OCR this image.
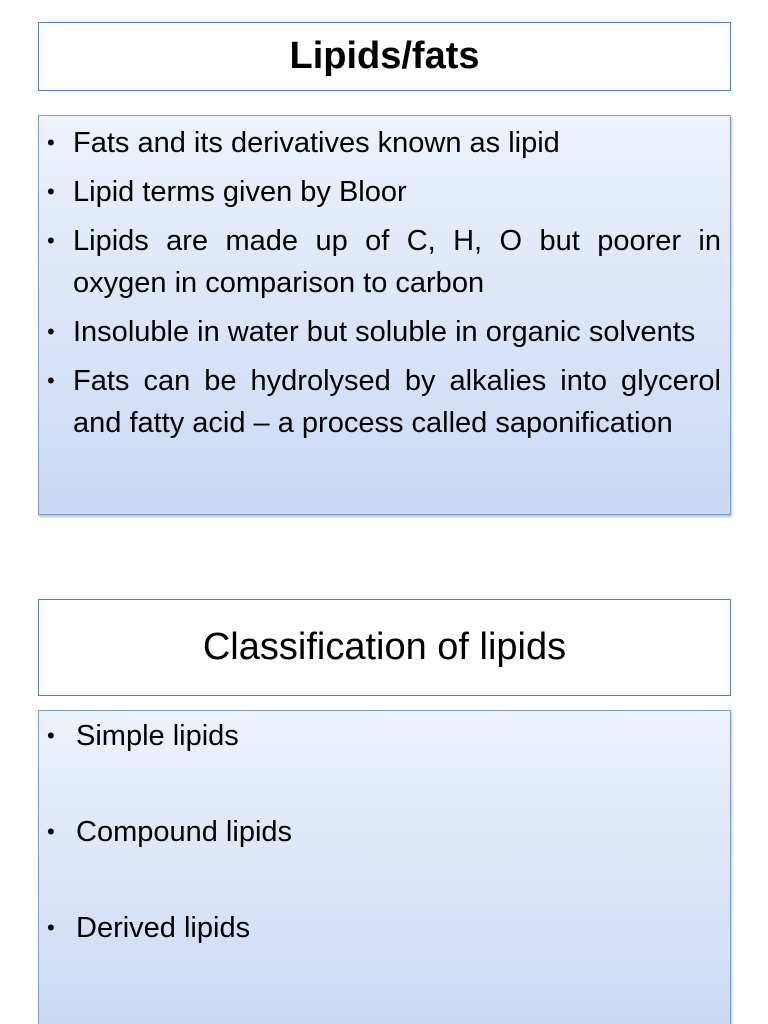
Lipids/fats
• Fats and its derivatives known as lipid
• Lipid terms given by Bloor
• Lipids are made up of C, H, O but poorer in oxygen in comparison to carbon
• Insoluble in water but soluble in organic solvents
• Fats can be hydrolysed by alkalies into glycerol and fatty acid – a process called saponification
Classification of lipids
• Simple lipids
• Compound lipids
• Derived lipids
